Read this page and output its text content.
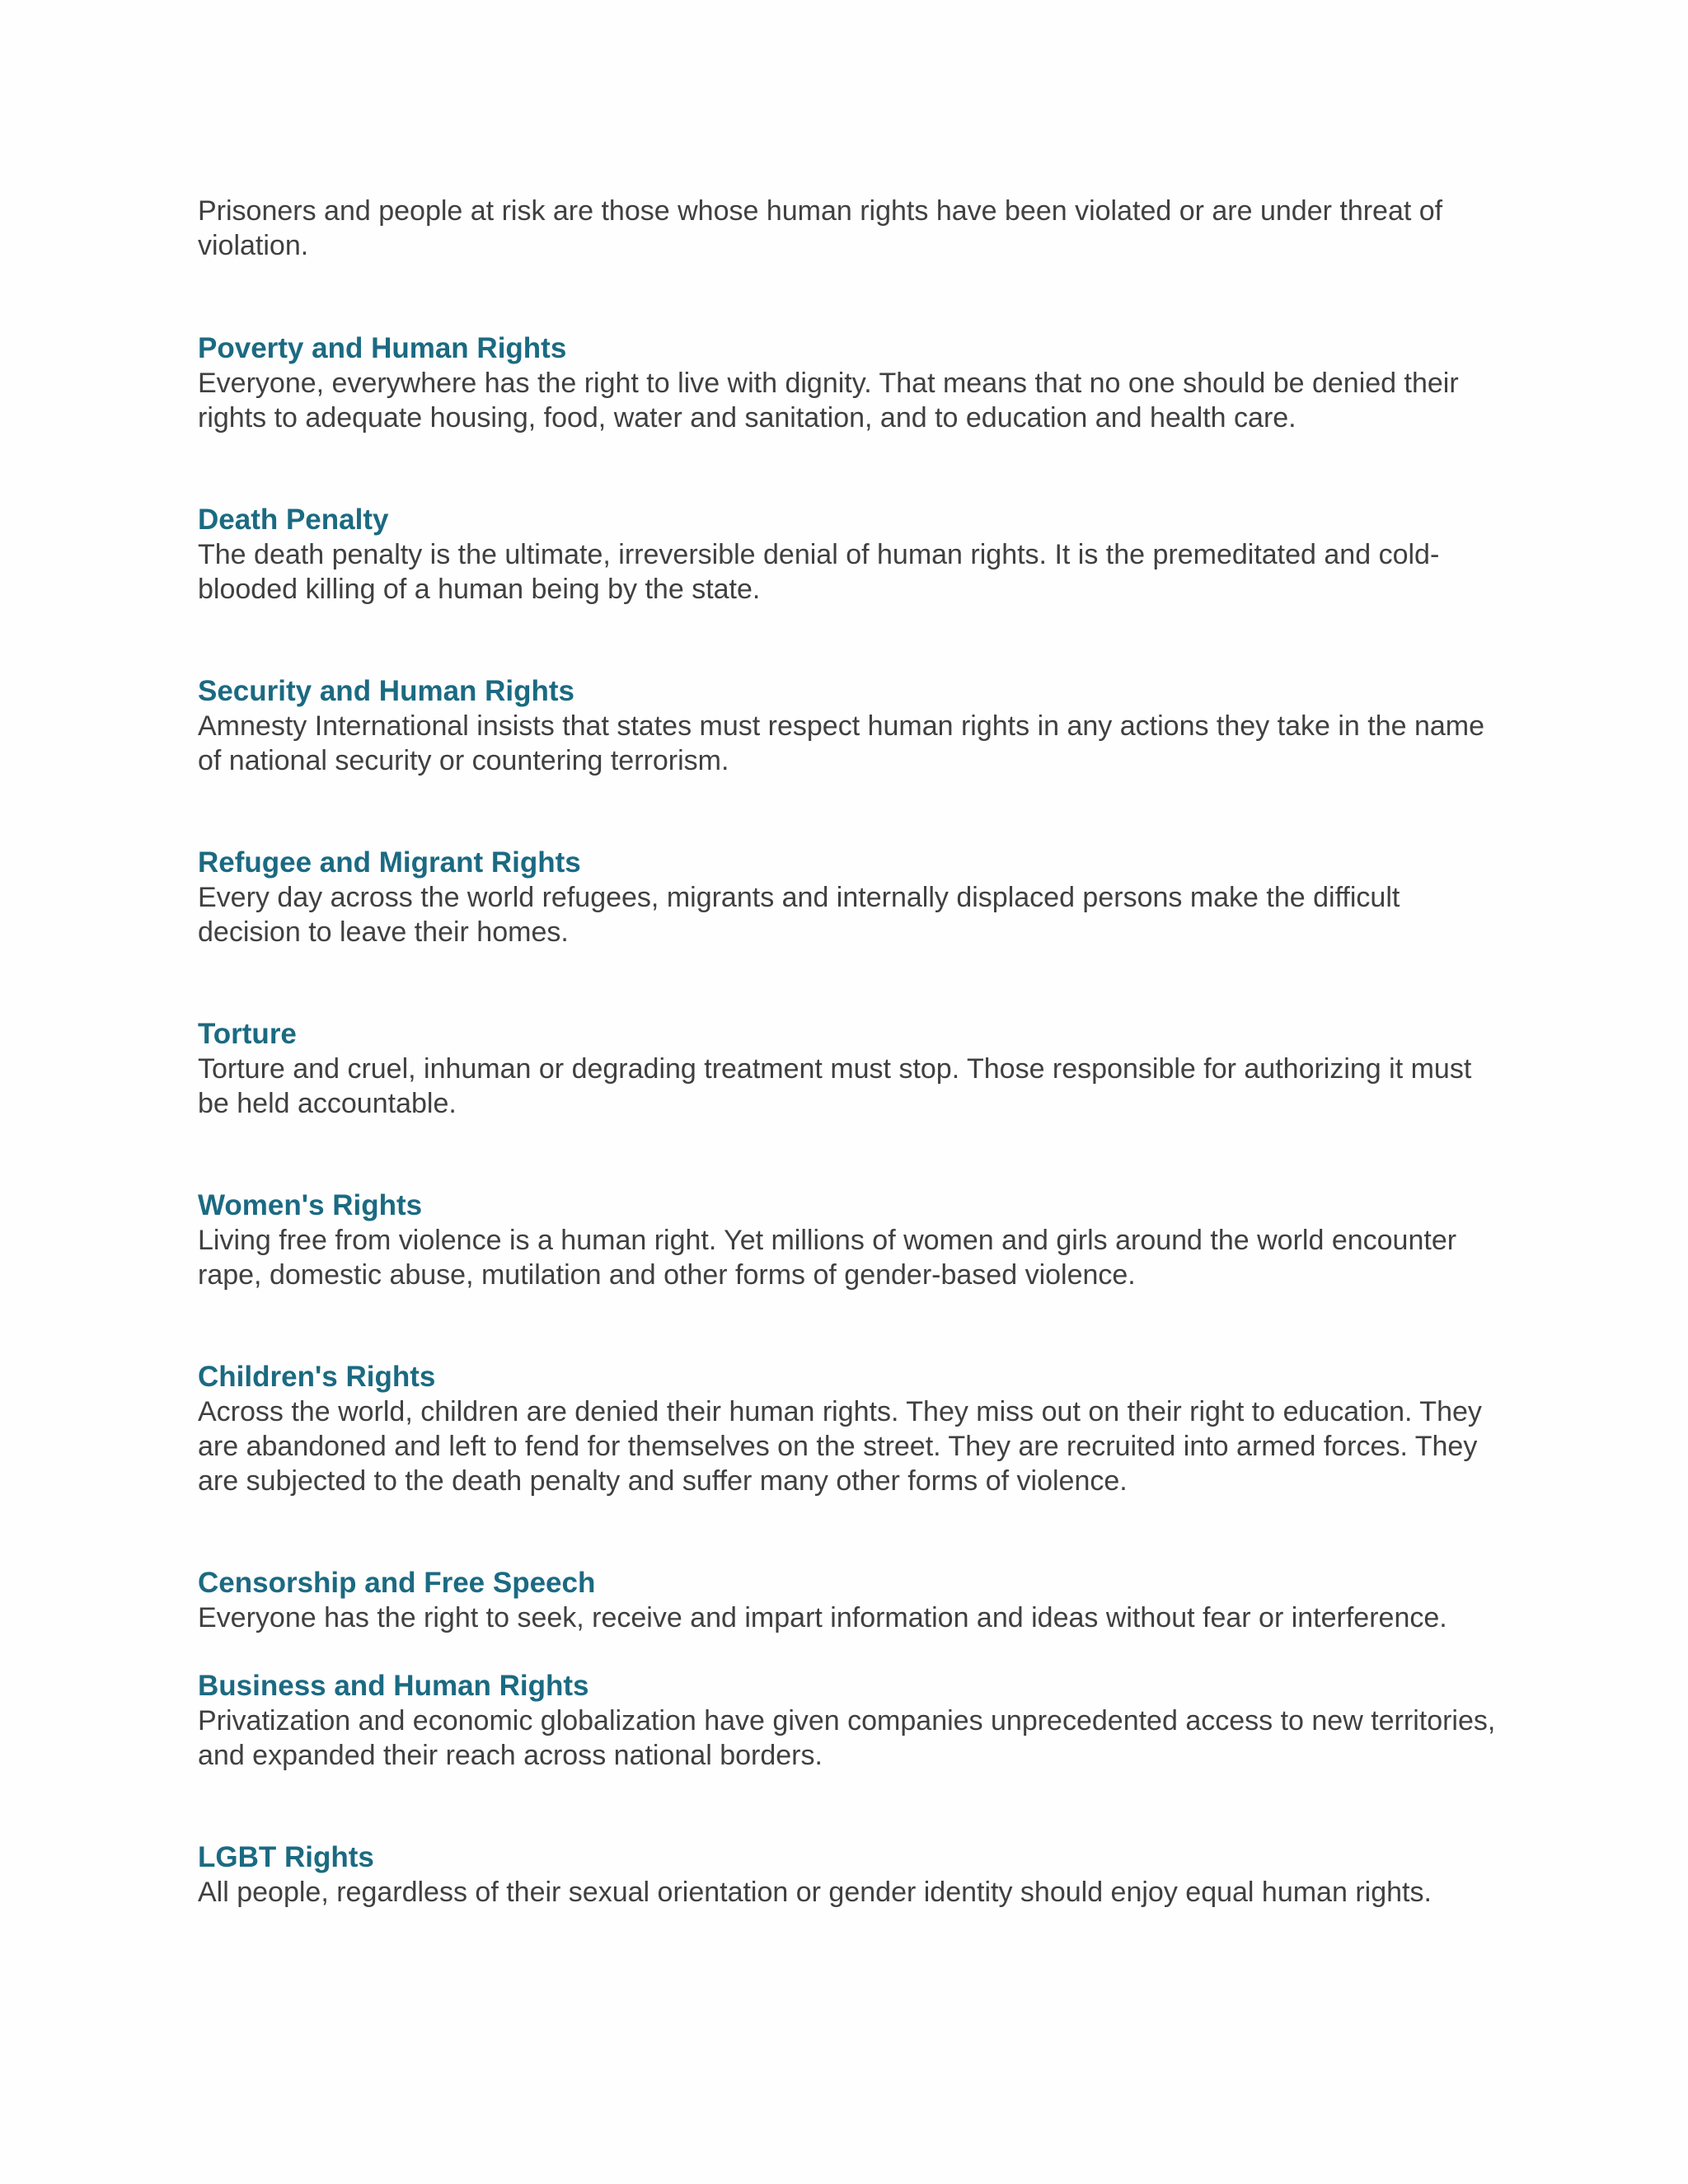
Prisoners and people at risk are those whose human rights have been violated or are under threat of violation.

Poverty and Human Rights

Everyone, everywhere has the right to live with dignity. That means that no one should be denied their rights to adequate housing, food, water and sanitation, and to education and health care.

Death Penalty

The death penalty is the ultimate, irreversible denial of human rights. It is the premeditated and cold-blooded killing of a human being by the state.

Security and Human Rights

Amnesty International insists that states must respect human rights in any actions they take in the name of national security or countering terrorism.

Refugee and Migrant Rights

Every day across the world refugees, migrants and internally displaced persons make the difficult decision to leave their homes.

Torture

Torture and cruel, inhuman or degrading treatment must stop. Those responsible for authorizing it must be held accountable.

Women's Rights

Living free from violence is a human right. Yet millions of women and girls around the world encounter rape, domestic abuse, mutilation and other forms of gender-based violence.

Children's Rights

Across the world, children are denied their human rights. They miss out on their right to education. They are abandoned and left to fend for themselves on the street. They are recruited into armed forces. They are subjected to the death penalty and suffer many other forms of violence.

Censorship and Free Speech

Everyone has the right to seek, receive and impart information and ideas without fear or interference.

Business and Human Rights

Privatization and economic globalization have given companies unprecedented access to new territories, and expanded their reach across national borders.

LGBT Rights

All people, regardless of their sexual orientation or gender identity should enjoy equal human rights.
